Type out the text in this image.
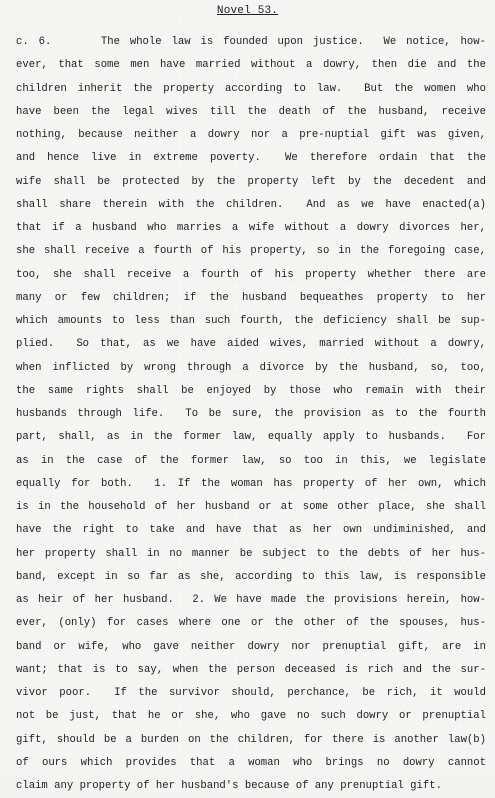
Novel 53.
c. 6.     The whole law is founded upon justice.  We notice, how-
ever, that some men have married without a dowry, then die and the
children inherit the property according to law.  But the women who
have been the legal wives till the death of the husband, receive
nothing, because neither a dowry nor a pre-nuptial gift was given,
and hence live in extreme poverty.  We therefore ordain that the
wife shall be protected by the property left by the decedent and
shall share therein with the children.  And as we have enacted(a)
that if a husband who marries a wife without a dowry divorces her,
she shall receive a fourth of his property, so in the foregoing case,
too, she shall receive a fourth of his property whether there are
many or few children; if the husband bequeathes property to her
which amounts to less than such fourth, the deficiency shall be sup-
plied.  So that, as we have aided wives, married without a dowry,
when inflicted by wrong through a divorce by the husband, so, too,
the same rights shall be enjoyed by those who remain with their
husbands through life.  To be sure, the provision as to the fourth
part, shall, as in the former law, equally apply to husbands.  For
as in the case of the former law, so too in this, we legislate
equally for both.  1. If the woman has property of her own, which
is in the household of her husband or at some other place, she shall
have the right to take and have that as her own undiminished, and
her property shall in no manner be subject to the debts of her hus-
band, except in so far as she, according to this law, is responsible
as heir of her husband.  2. We have made the provisions herein, how-
ever, (only) for cases where one or the other of the spouses, hus-
band or wife, who gave neither dowry nor prenuptial gift, are in
want; that is to say, when the person deceased is rich and the sur-
vivor poor.  If the survivor should, perchance, be rich, it would
not be just, that he or she, who gave no such dowry or prenuptial
gift, should be a burden on the children, for there is another law(b)
of ours which provides that a woman who brings no dowry cannot
claim any property of her husband's because of any prenuptial gift.
